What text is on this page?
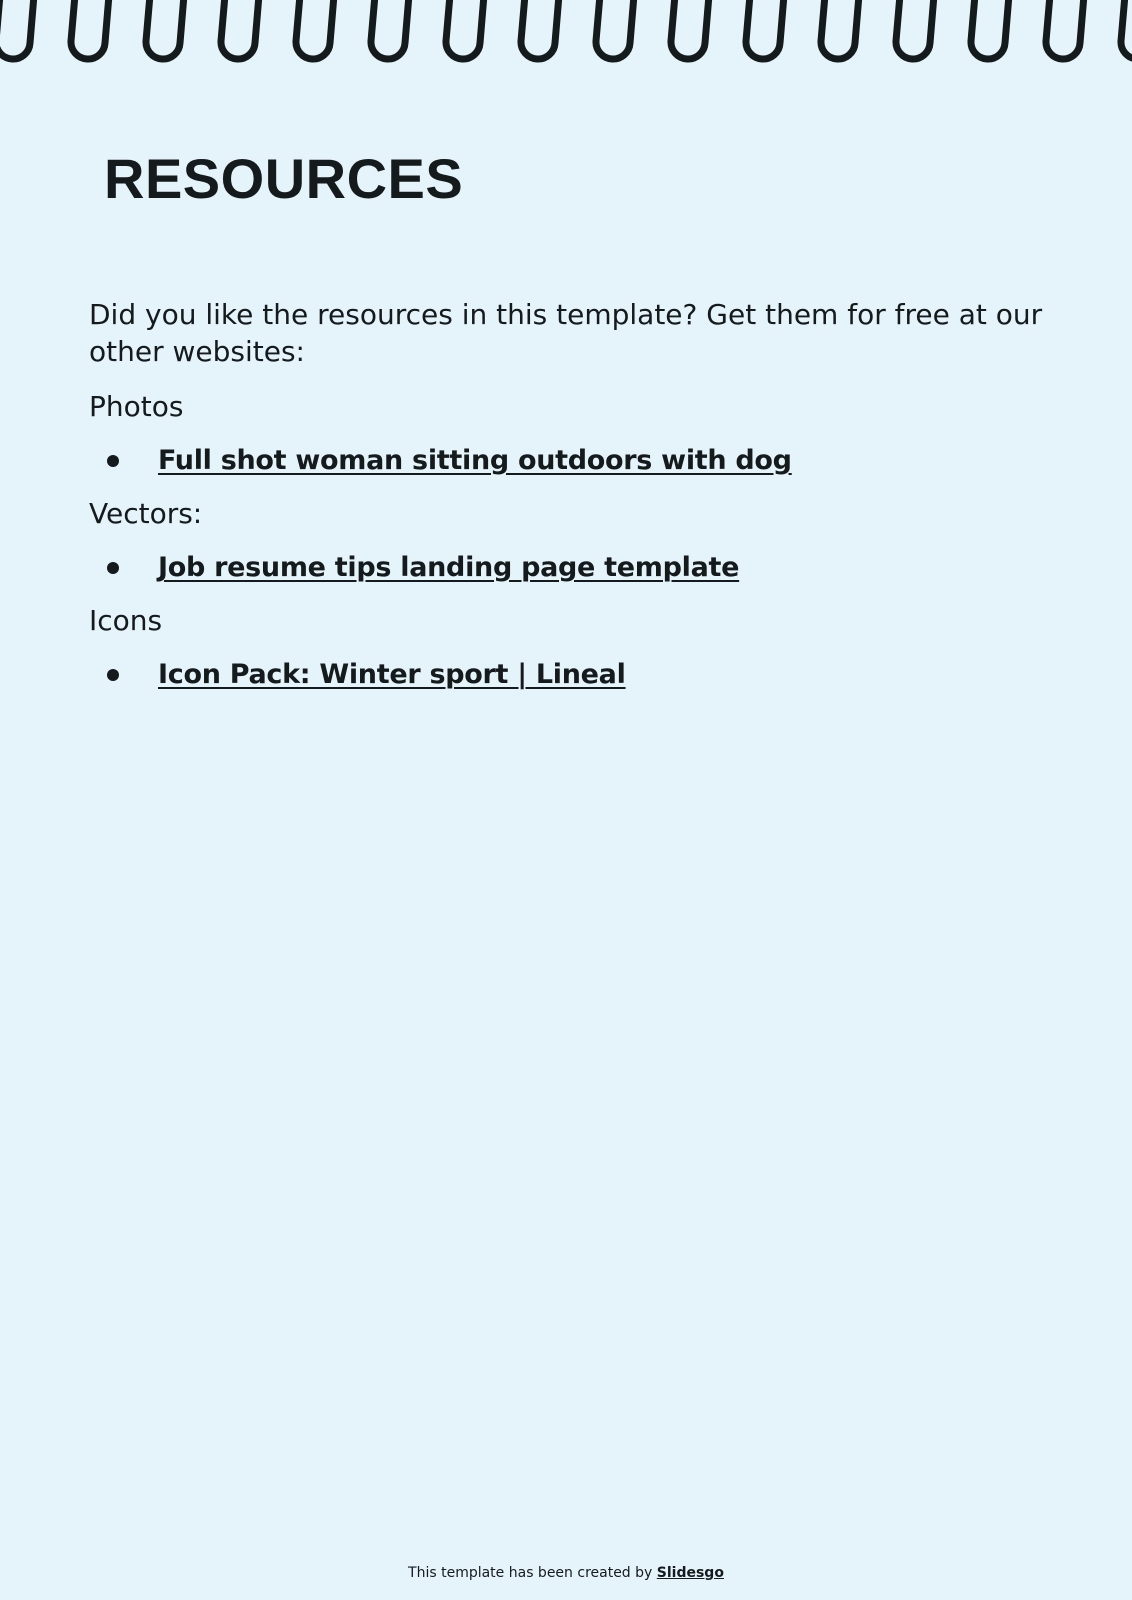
RESOURCES

Did you like the resources in this template? Get them for free at our other websites:

Photos

Full shot woman sitting outdoors with dog

Vectors:

Job resume tips landing page template

Icons

Icon Pack: Winter sport | Lineal
This template has been created by Slidesgo
